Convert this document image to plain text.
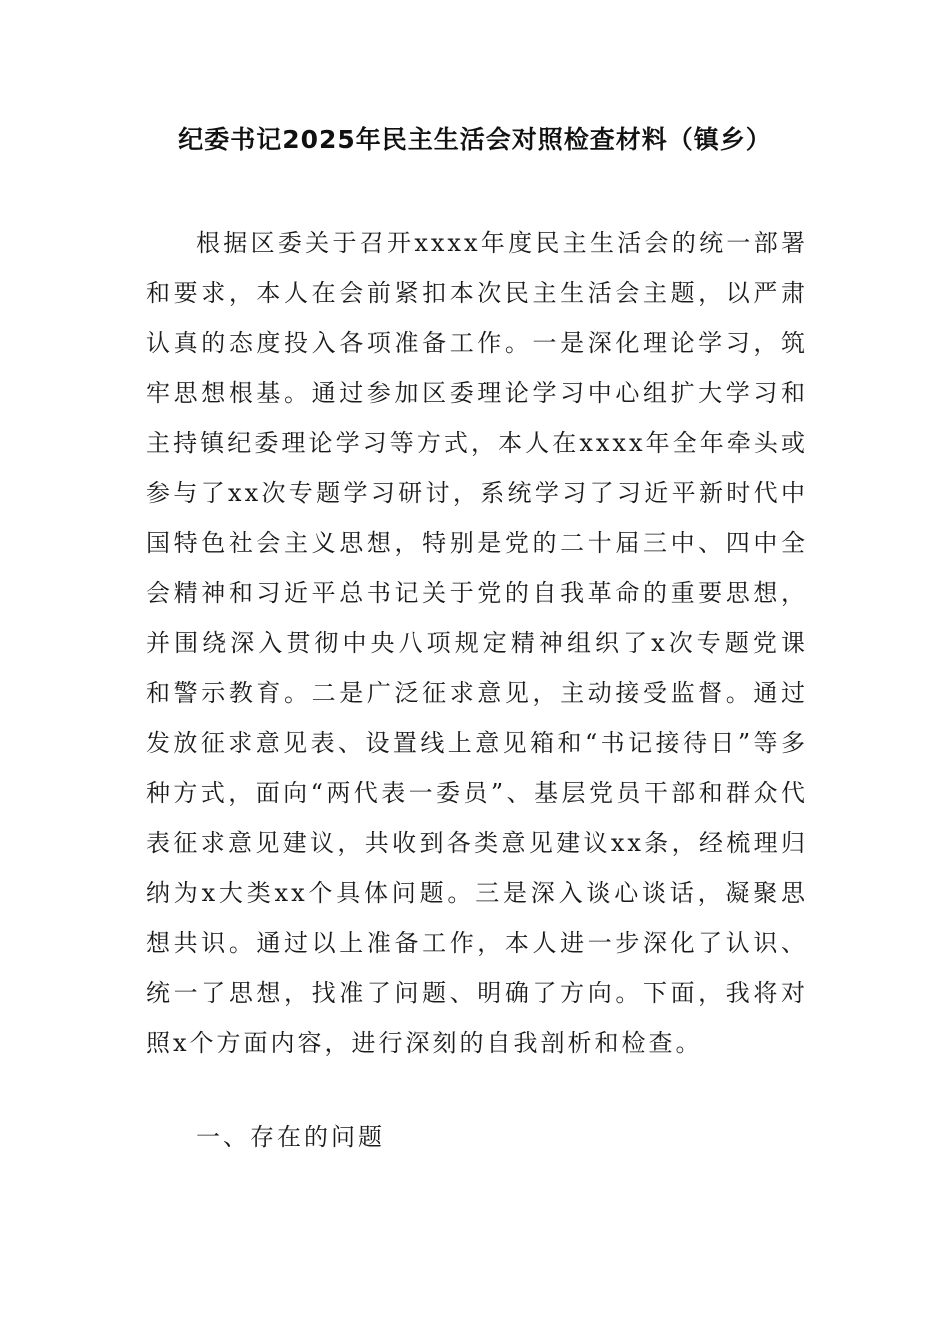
纪委书记2025年民主生活会对照检查材料（镇乡）

根据区委关于召开xxxx年度民主生活会的统一部署和要求，本人在会前紧扣本次民主生活会主题，以严肃认真的态度投入各项准备工作。一是深化理论学习，筑牢思想根基。通过参加区委理论学习中心组扩大学习和主持镇纪委理论学习等方式，本人在xxxx年全年牵头或参与了xx次专题学习研讨，系统学习了习近平新时代中国特色社会主义思想，特别是党的二十届三中、四中全会精神和习近平总书记关于党的自我革命的重要思想，并围绕深入贯彻中央八项规定精神组织了x次专题党课和警示教育。二是广泛征求意见，主动接受监督。通过发放征求意见表、设置线上意见箱和“书记接待日”等多种方式，面向“两代表一委员”、基层党员干部和群众代表征求意见建议，共收到各类意见建议xx条，经梳理归纳为x大类xx个具体问题。三是深入谈心谈话，凝聚思想共识。通过以上准备工作，本人进一步深化了认识、统一了思想，找准了问题、明确了方向。下面，我将对照x个方面内容，进行深刻的自我剖析和检查。

一、存在的问题
